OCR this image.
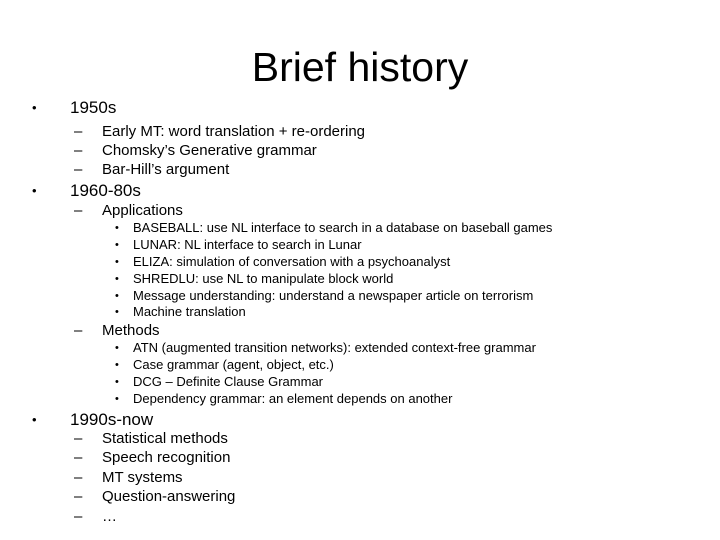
Brief history
• 1950s
– Early MT: word translation + re-ordering
– Chomsky’s Generative grammar
– Bar-Hill’s argument
• 1960-80s
– Applications
• BASEBALL: use NL interface to search in a database on baseball games
• LUNAR: NL interface to search in Lunar
• ELIZA: simulation of conversation with a psychoanalyst
• SHREDLU: use NL to manipulate block world
• Message understanding: understand a newspaper article on terrorism
• Machine translation
– Methods
• ATN (augmented transition networks): extended context-free grammar
• Case grammar (agent, object, etc.)
• DCG – Definite Clause Grammar
• Dependency grammar: an element depends on another
• 1990s-now
– Statistical methods
– Speech recognition
– MT systems
– Question-answering
– …
